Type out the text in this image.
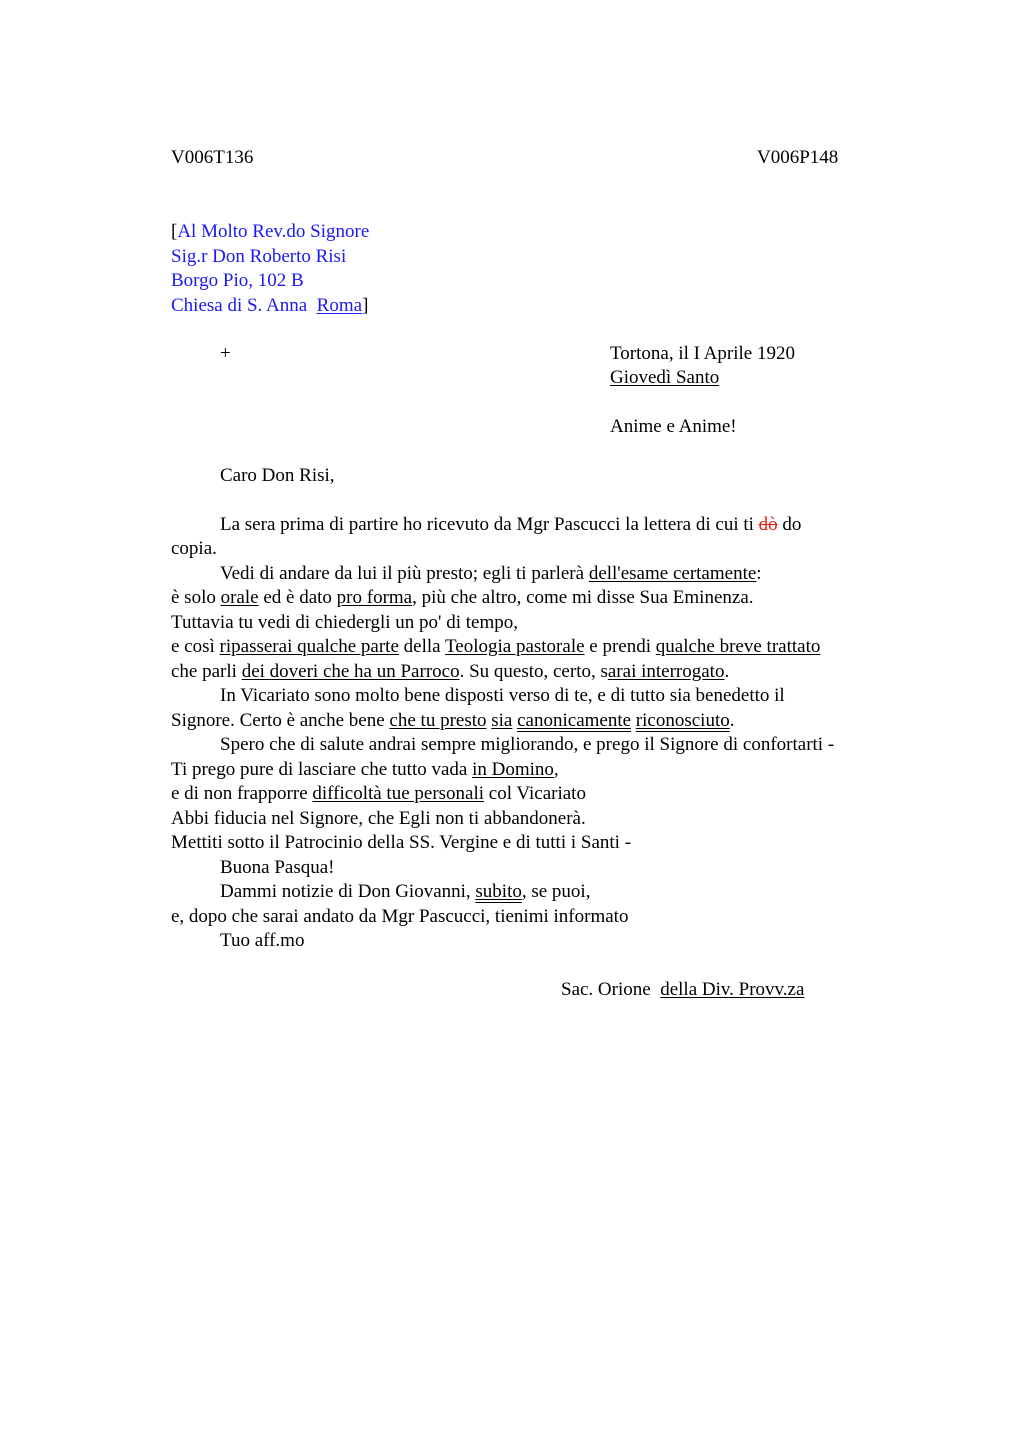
V006T136	V006P148
[Al Molto Rev.do Signore
Sig.r Don Roberto Risi
Borgo Pio, 102 B
Chiesa di S. Anna Roma]
+	Tortona, il I Aprile 1920
Giovedì Santo
Anime e Anime!
Caro Don Risi,
La sera prima di partire ho ricevuto da Mgr Pascucci la lettera di cui ti dò do
copia.
Vedi di andare da lui il più presto; egli ti parlerà dell'esame certamente:
è solo orale ed è dato pro forma, più che altro, come mi disse Sua Eminenza.
Tuttavia tu vedi di chiedergli un po' di tempo,
e così ripasserai qualche parte della Teologia pastorale e prendi qualche breve trattato
che parli dei doveri che ha un Parroco. Su questo, certo, sarai interrogato.
In Vicariato sono molto bene disposti verso di te, e di tutto sia benedetto il
Signore. Certo è anche bene che tu presto sia canonicamente riconosciuto.
Spero che di salute andrai sempre migliorando, e prego il Signore di confortarti -
Ti prego pure di lasciare che tutto vada in Domino,
e di non frapporre difficoltà tue personali col Vicariato
Abbi fiducia nel Signore, che Egli non ti abbandonerà.
Mettiti sotto il Patrocinio della SS. Vergine e di tutti i Santi -
Buona Pasqua!
Dammi notizie di Don Giovanni, subito, se puoi,
e, dopo che sarai andato da Mgr Pascucci, tienimi informato
Tuo aff.mo
Sac. Orione della Div. Provv.za
